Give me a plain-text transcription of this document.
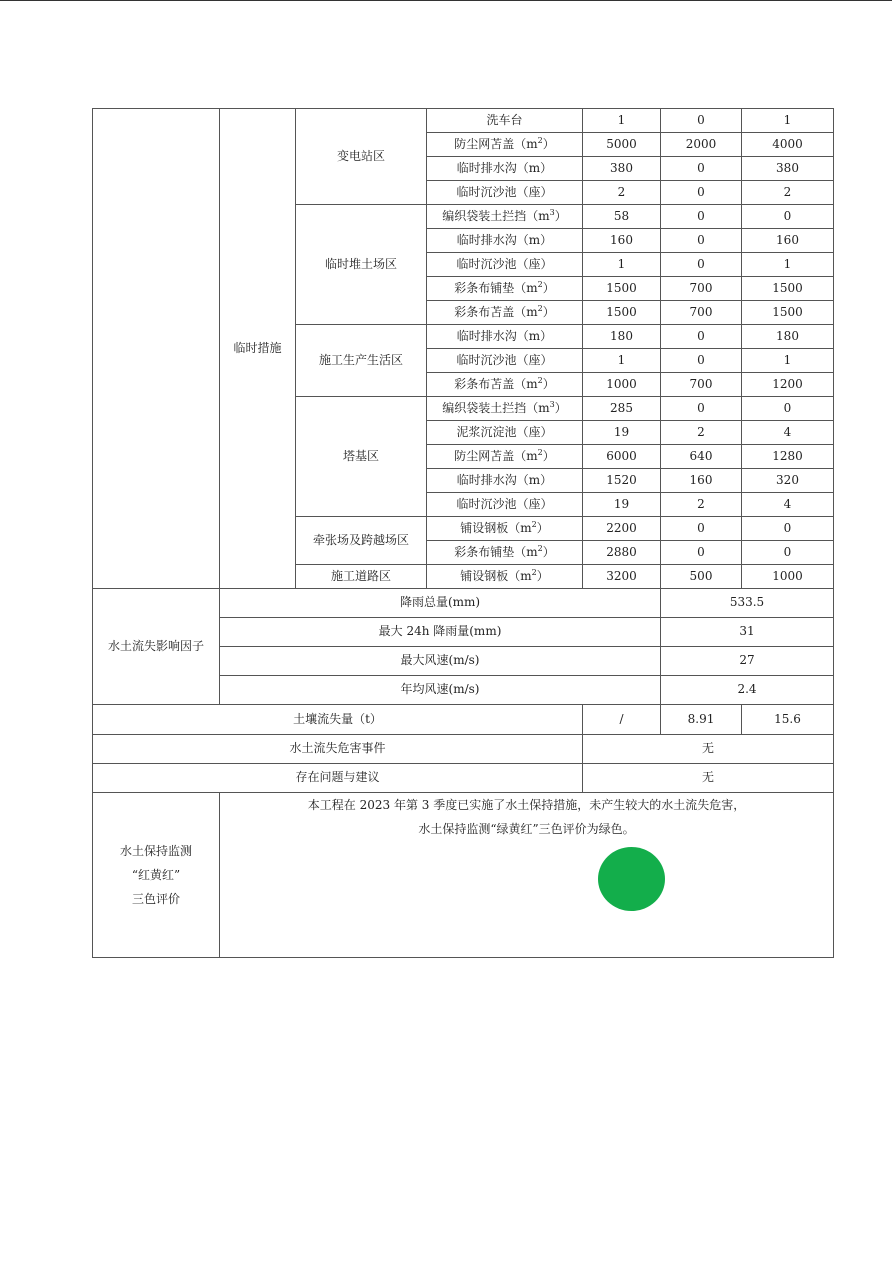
	临时措施	变电站区	洗车台	1	0	1
			防尘网苫盖$(m^2)$	5000	2000	4000
			临时排水沟（m）	380	0	380
			临时沉沙池（座）	2	0	2
		临时堆土场区	编织袋装土拦挡$(m^3)$	58	0	0
			临时排水沟（m）	160	0	160
			临时沉沙池（座）	1	0	1
			彩条布铺垫$(m^2)$	1500	700	1500
			彩条布苫盖$(m^2)$	1500	700	1500
		施工生产生活区	临时排水沟（m）	180	0	180
			临时沉沙池（座）	1	0	1
			彩条布苫盖$(m^2)$	1000	700	1200
		塔基区	编织袋装土拦挡$(m^3)$	285	0	0
			泥浆沉淀池（座）	19	2	4
			防尘网苫盖$(m^2)$	6000	640	1280
			临时排水沟（m）	1520	160	320
			临时沉沙池（座）	19	2	4
		牵张场及跨越场区	铺设钢板$(m^2)$	2200	0	0
			彩条布铺垫$(m^2)$	2880	0	0
		施工道路区	铺设钢板$(m^2)$	3200	500	1000
水土流失影响因子	降雨总量(mm)				533.5	
	最大 24h 降雨量(mm)				31	
	最大风速(m/s)				27	
	年均风速(m/s)				2.4	
土壤流失量（t）				/	8.91	15.6
水土流失危害事件				无		
存在问题与建议				无		

水土保持监测
“红黄红”
三色评价	本工程在 2023 年第 3 季度已实施了水土保持措施，未产生较大的水土流失危害，
水土保持监测“绿黄红”三色评价为绿色。					
